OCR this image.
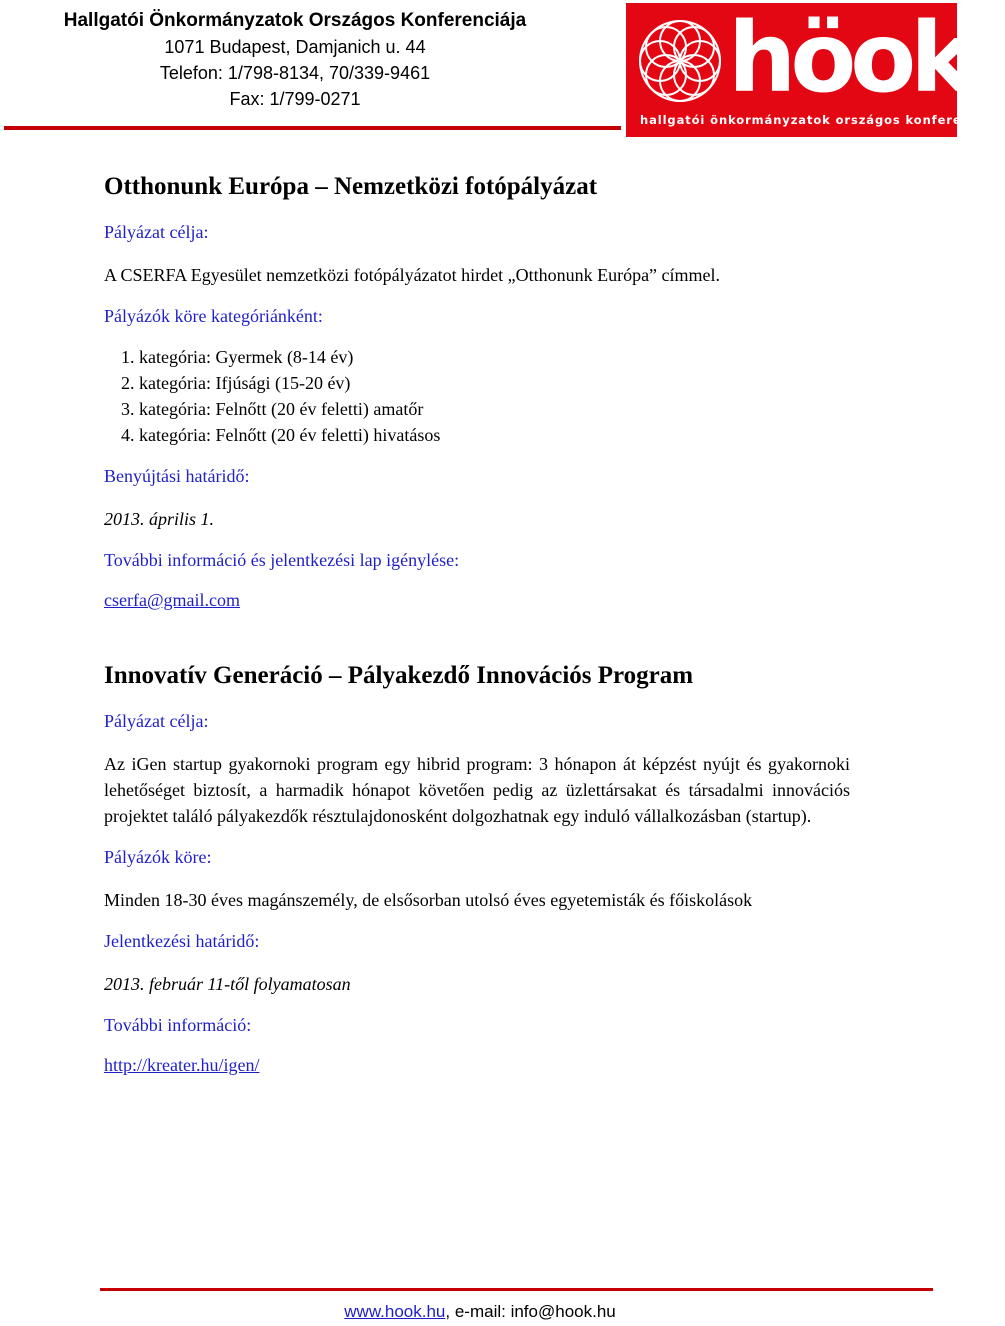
Hallgatói Önkormányzatok Országos Konferenciája
1071 Budapest, Damjanich u. 44
Telefon: 1/798-8134, 70/339-9461
Fax: 1/799-0271	höok
hallgatói önkormányzatok országos konferenciája
Otthonunk Európa – Nemzetközi fotópályázat

Pályázat célja:

A CSERFA Egyesület nemzetközi fotópályázatot hirdet „Otthonunk Európa” címmel.

Pályázók köre kategóriánként:

1. kategória: Gyermek (8-14 év)
2. kategória: Ifjúsági (15-20 év)
3. kategória: Felnőtt (20 év feletti) amatőr
4. kategória: Felnőtt (20 év feletti) hivatásos

Benyújtási határidő:

2013. április 1.

További információ és jelentkezési lap igénylése:

cserfa@gmail.com
Innovatív Generáció – Pályakezdő Innovációs Program

Pályázat célja:

Az iGen startup gyakornoki program egy hibrid program: 3 hónapon át képzést nyújt és gyakornoki lehetőséget biztosít, a harmadik hónapot követően pedig az üzlettársakat és társadalmi innovációs projektet találó pályakezdők résztulajdonosként dolgozhatnak egy induló vállalkozásban (startup).

Pályázók köre:

Minden 18-30 éves magánszemély, de elsősorban utolsó éves egyetemisták és főiskolások

Jelentkezési határidő:

2013. február 11-től folyamatosan

További információ:

http://kreater.hu/igen/
www.hook.hu, e-mail: info@hook.hu
